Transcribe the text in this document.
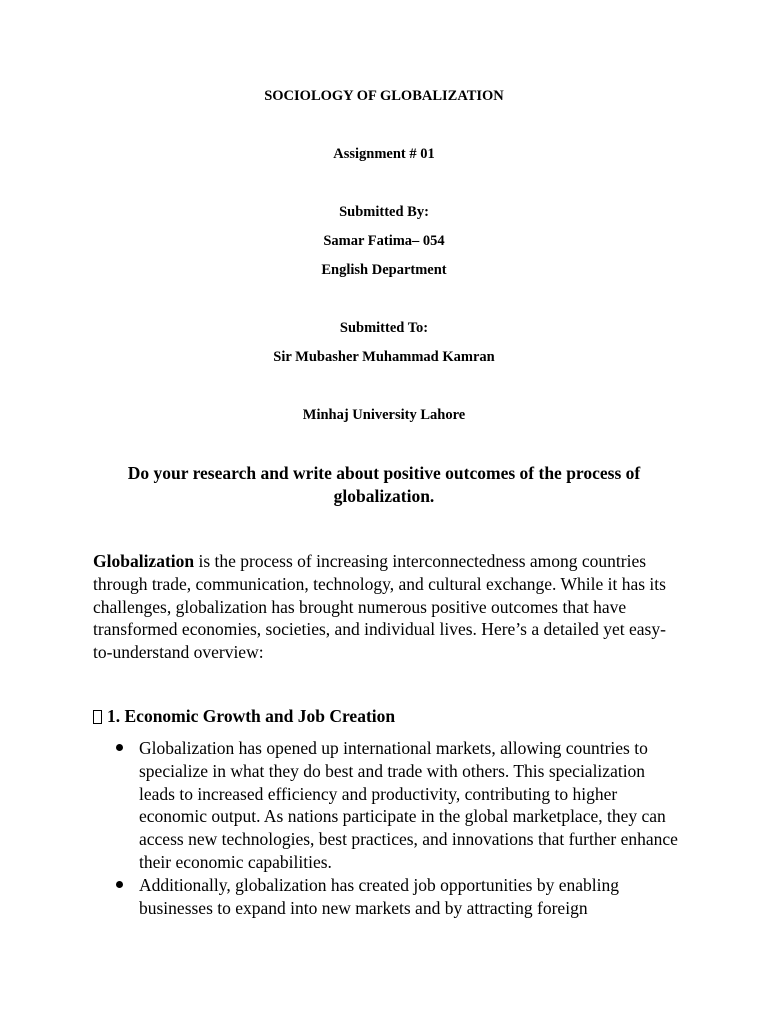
SOCIOLOGY OF GLOBALIZATION
Assignment # 01
Submitted By:
Samar Fatima– 054
English Department
Submitted To:
Sir Mubasher Muhammad Kamran
Minhaj University Lahore
Do your research and write about positive outcomes of the process of globalization.

Globalization is the process of increasing interconnectedness among countries through trade, communication, technology, and cultural exchange. While it has its challenges, globalization has brought numerous positive outcomes that have transformed economies, societies, and individual lives. Here’s a detailed yet easy-to-understand overview:

1. Economic Growth and Job Creation
Globalization has opened up international markets, allowing countries to specialize in what they do best and trade with others. This specialization leads to increased efficiency and productivity, contributing to higher economic output. As nations participate in the global marketplace, they can access new technologies, best practices, and innovations that further enhance their economic capabilities.
Additionally, globalization has created job opportunities by enabling businesses to expand into new markets and by attracting foreign
